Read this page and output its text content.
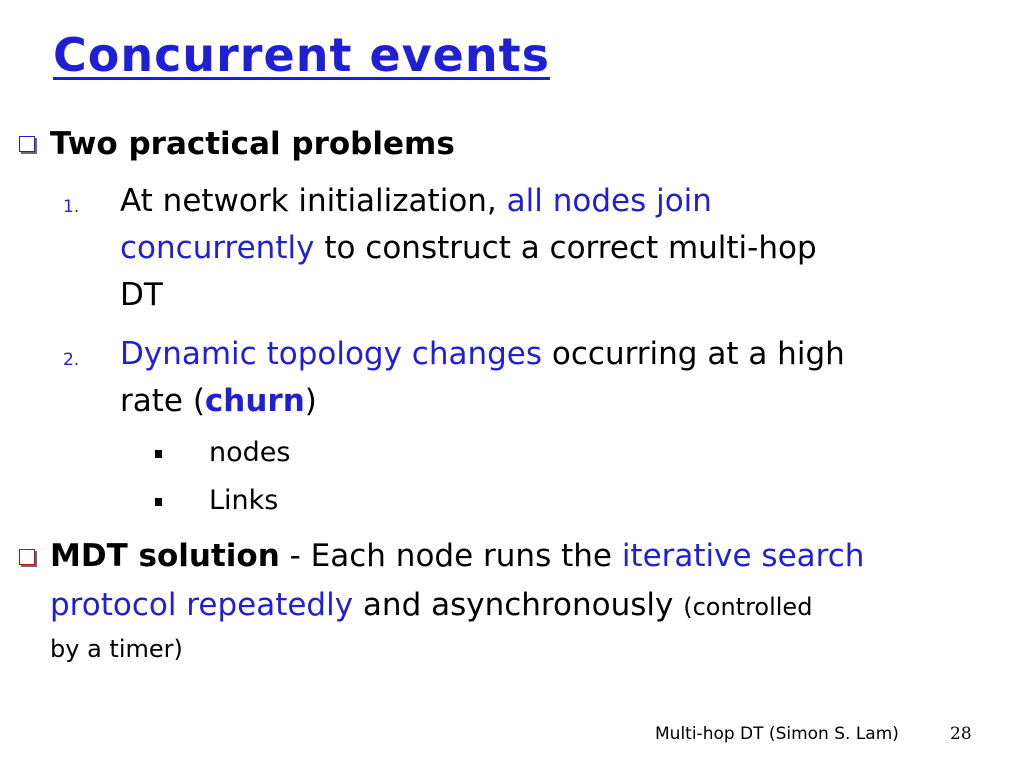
Concurrent events
Two practical problems
1. At network initialization, all nodes join
concurrently to construct a correct multi-hop
DT
2. Dynamic topology changes occurring at a high
rate (churn)
nodes
Links
MDT solution - Each node runs the iterative search
protocol repeatedly and asynchronously (controlled
by a timer)
Multi-hop DT (Simon S. Lam)	28
